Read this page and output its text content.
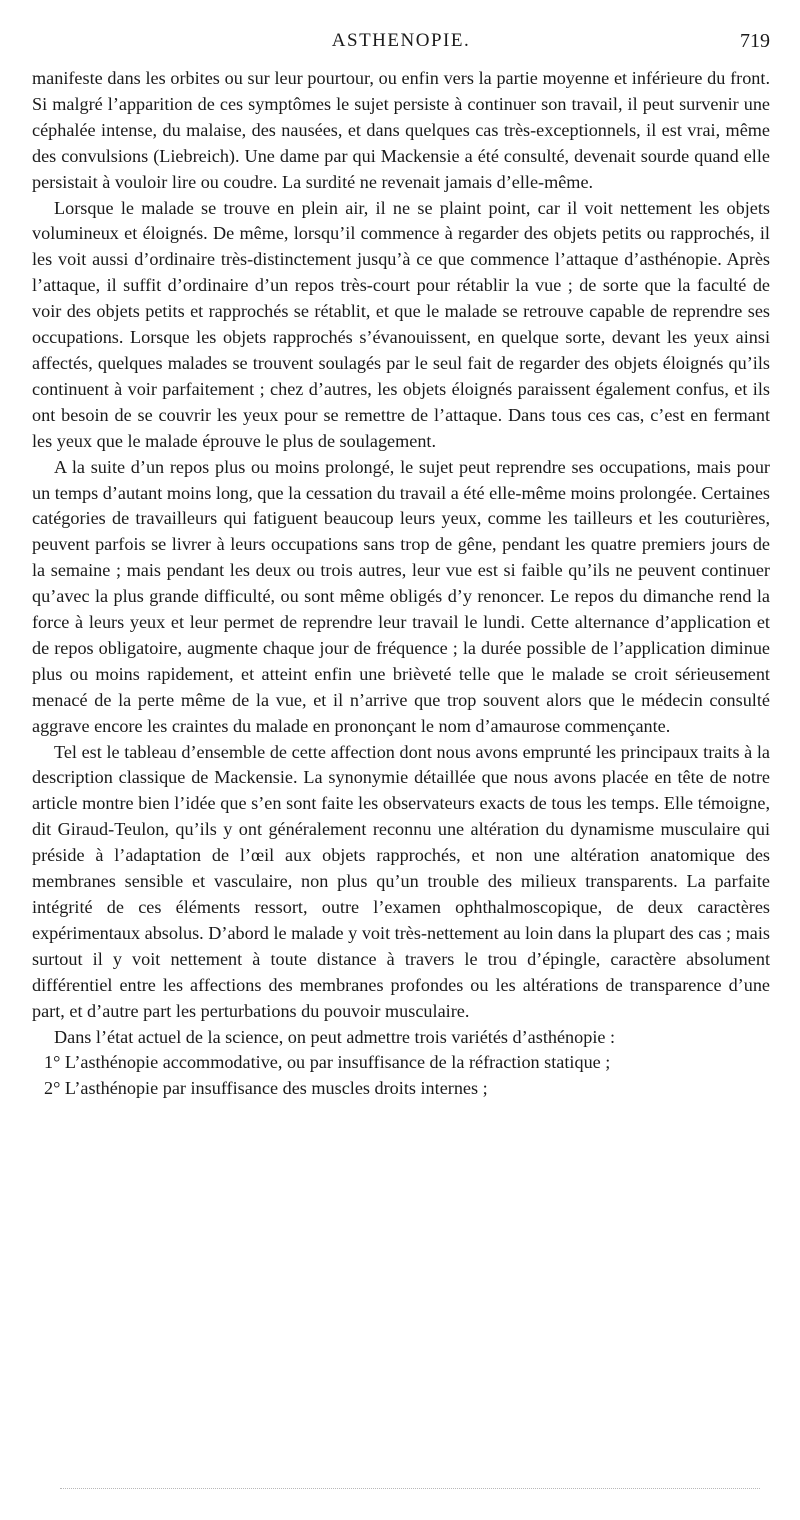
ASTHENOPIE.	719

manifeste dans les orbites ou sur leur pourtour, ou enfin vers la partie moyenne et inférieure du front. Si malgré l’apparition de ces symptômes le sujet persiste à continuer son travail, il peut survenir une céphalée intense, du malaise, des nausées, et dans quelques cas très-exceptionnels, il est vrai, même des convulsions (Liebreich). Une dame par qui Mackensie a été consulté, devenait sourde quand elle persistait à vouloir lire ou coudre. La surdité ne revenait jamais d’elle-même.

Lorsque le malade se trouve en plein air, il ne se plaint point, car il voit nettement les objets volumineux et éloignés. De même, lorsqu’il commence à regarder des objets petits ou rapprochés, il les voit aussi d’ordinaire très-distinctement jusqu’à ce que commence l’attaque d’asthénopie. Après l’attaque, il suffit d’ordinaire d’un repos très-court pour rétablir la vue ; de sorte que la faculté de voir des objets petits et rapprochés se rétablit, et que le malade se retrouve capable de reprendre ses occupations. Lorsque les objets rapprochés s’évanouissent, en quelque sorte, devant les yeux ainsi affectés, quelques malades se trouvent soulagés par le seul fait de regarder des objets éloignés qu’ils continuent à voir parfaitement ; chez d’autres, les objets éloignés paraissent également confus, et ils ont besoin de se couvrir les yeux pour se remettre de l’attaque. Dans tous ces cas, c’est en fermant les yeux que le malade éprouve le plus de soulagement.

A la suite d’un repos plus ou moins prolongé, le sujet peut reprendre ses occupations, mais pour un temps d’autant moins long, que la cessation du travail a été elle-même moins prolongée. Certaines catégories de travailleurs qui fatiguent beaucoup leurs yeux, comme les tailleurs et les couturières, peuvent parfois se livrer à leurs occupations sans trop de gêne, pendant les quatre premiers jours de la semaine ; mais pendant les deux ou trois autres, leur vue est si faible qu’ils ne peuvent continuer qu’avec la plus grande difficulté, ou sont même obligés d’y renoncer. Le repos du dimanche rend la force à leurs yeux et leur permet de reprendre leur travail le lundi. Cette alternance d’application et de repos obligatoire, augmente chaque jour de fréquence ; la durée possible de l’application diminue plus ou moins rapidement, et atteint enfin une brièveté telle que le malade se croit sérieusement menacé de la perte même de la vue, et il n’arrive que trop souvent alors que le médecin consulté aggrave encore les craintes du malade en prononçant le nom d’amaurose commençante.

Tel est le tableau d’ensemble de cette affection dont nous avons emprunté les principaux traits à la description classique de Mackensie. La synonymie détaillée que nous avons placée en tête de notre article montre bien l’idée que s’en sont faite les observateurs exacts de tous les temps. Elle témoigne, dit Giraud-Teulon, qu’ils y ont généralement reconnu une altération du dynamisme musculaire qui préside à l’adaptation de l’œil aux objets rapprochés, et non une altération anatomique des membranes sensible et vasculaire, non plus qu’un trouble des milieux transparents. La parfaite intégrité de ces éléments ressort, outre l’examen ophthalmoscopique, de deux caractères expérimentaux absolus. D’abord le malade y voit très-nettement au loin dans la plupart des cas ; mais surtout il y voit nettement à toute distance à travers le trou d’épingle, caractère absolument différentiel entre les affections des membranes profondes ou les altérations de transparence d’une part, et d’autre part les perturbations du pouvoir musculaire.

Dans l’état actuel de la science, on peut admettre trois variétés d’asthénopie :

1° L’asthénopie accommodative, ou par insuffisance de la réfraction statique ;

2° L’asthénopie par insuffisance des muscles droits internes ;
